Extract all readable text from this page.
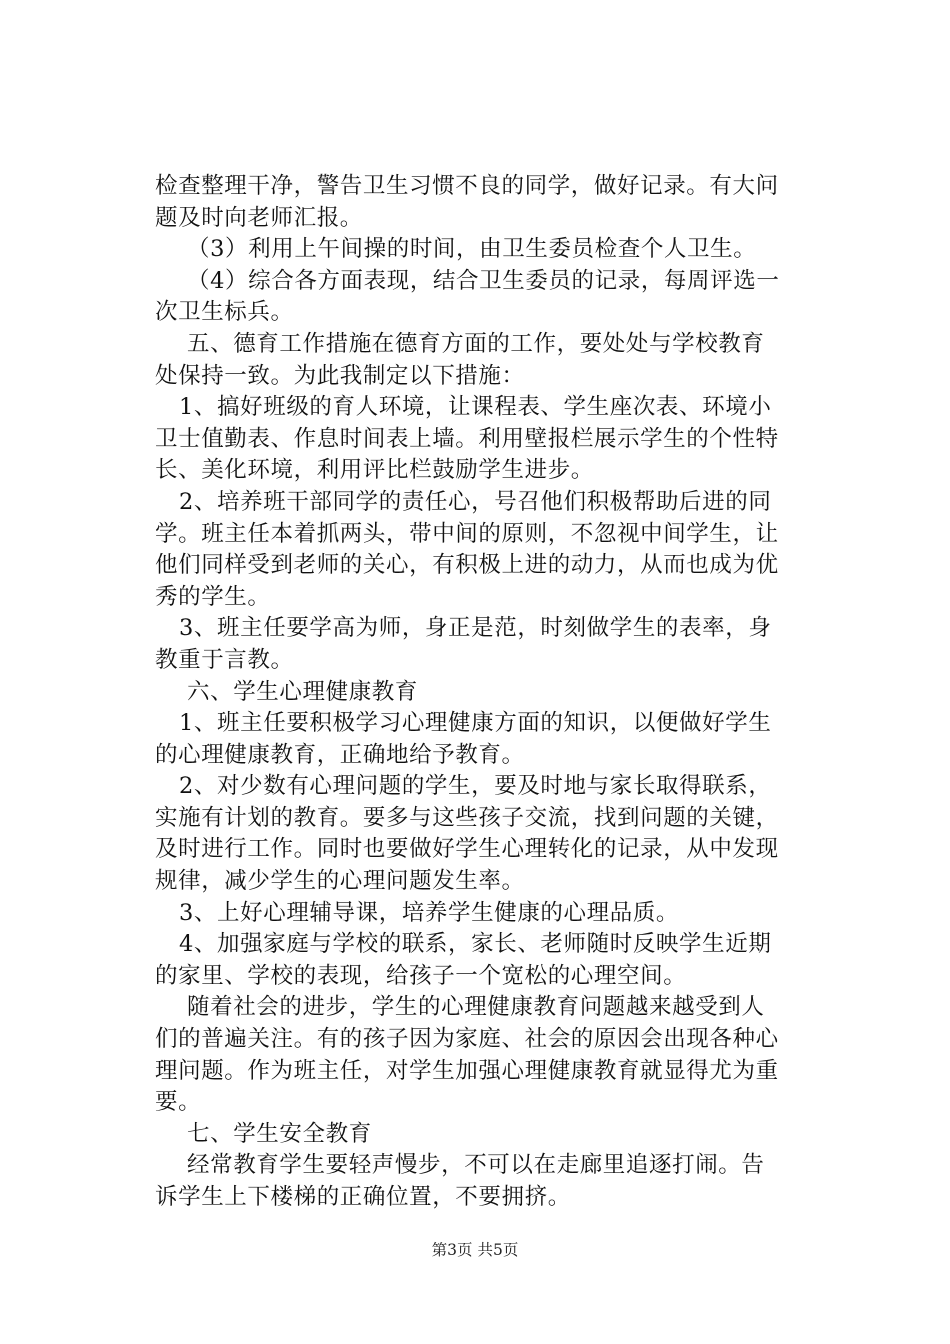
检查整理干净，警告卫生习惯不良的同学，做好记录。有大问
题及时向老师汇报。
（3）利用上午间操的时间，由卫生委员检查个人卫生。
（4）综合各方面表现，结合卫生委员的记录，每周评选一
次卫生标兵。
五、德育工作措施在德育方面的工作，要处处与学校教育
处保持一致。为此我制定以下措施：
1、搞好班级的育人环境，让课程表、学生座次表、环境小
卫士值勤表、作息时间表上墙。利用壁报栏展示学生的个性特
长、美化环境，利用评比栏鼓励学生进步。
2、培养班干部同学的责任心，号召他们积极帮助后进的同
学。班主任本着抓两头，带中间的原则，不忽视中间学生，让
他们同样受到老师的关心，有积极上进的动力，从而也成为优
秀的学生。
3、班主任要学高为师，身正是范，时刻做学生的表率，身
教重于言教。
六、学生心理健康教育
1、班主任要积极学习心理健康方面的知识，以便做好学生
的心理健康教育，正确地给予教育。
2、对少数有心理问题的学生，要及时地与家长取得联系，
实施有计划的教育。要多与这些孩子交流，找到问题的关键，
及时进行工作。同时也要做好学生心理转化的记录，从中发现
规律，减少学生的心理问题发生率。
3、上好心理辅导课，培养学生健康的心理品质。
4、加强家庭与学校的联系，家长、老师随时反映学生近期
的家里、学校的表现，给孩子一个宽松的心理空间。
随着社会的进步，学生的心理健康教育问题越来越受到人
们的普遍关注。有的孩子因为家庭、社会的原因会出现各种心
理问题。作为班主任，对学生加强心理健康教育就显得尤为重
要。
七、学生安全教育
经常教育学生要轻声慢步，不可以在走廊里追逐打闹。告
诉学生上下楼梯的正确位置，不要拥挤。
第3页 共5页
